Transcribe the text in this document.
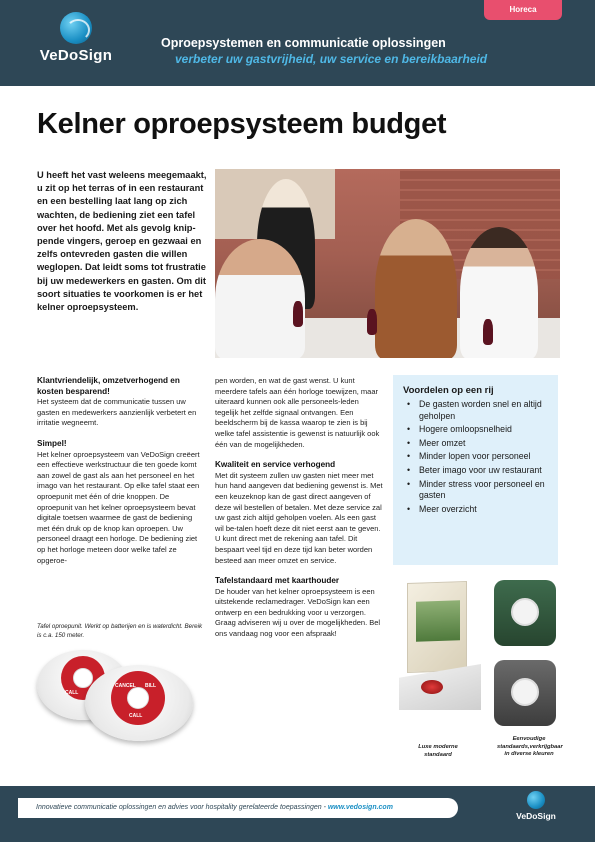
VeDoSign
Oproepsystemen en communicatie oplossingen
verbeter uw gastvrijheid, uw service en bereikbaarheid
Horeca
Kelner oproepsysteem budget
U heeft het vast weleens meegemaakt, u zit op het terras of in een restaurant en een bestelling laat lang op zich wachten, de bediening ziet een tafel over het hoofd. Met als gevolg knip-pende vingers, geroep en gezwaai en zelfs ontevreden gasten die willen weglopen. Dat leidt soms tot frustratie bij uw medewerkers en gasten. Om dit soort situaties te voorkomen is er het kelner oproepsysteem.
Klantvriendelijk, omzetverhogend en kosten besparend!

Het systeem dat de communicatie tussen uw gasten en medewerkers aanzienlijk verbetert en irritatie wegneemt.

Simpel!

Het kelner oproepsysteem van VeDoSign creëert een effectieve werkstructuur die ten goede komt aan zowel de gast als aan het personeel en het imago van het restaurant. Op elke tafel staat een oproepunit met één of drie knoppen. De oproepunit van het kelner oproepsysteem bevat digitale toetsen waarmee de gast de bediening met één druk op de knop kan oproepen. Uw personeel draagt een horloge. De bediening ziet op het horloge meteen door welke tafel ze opgeroe-

Tafel oproepunit. Werkt op batterijen en is waterdicht. Bereik is c.a. 150 meter.
CALL
CANCEL BILL
CALL

pen worden, en wat de gast wenst. U kunt meerdere tafels aan één horloge toewijzen, maar uiteraard kunnen ook alle personeels-leden tegelijk het zelfde signaal ontvangen. Een beeldscherm bij de kassa waarop te zien is bij welke tafel assistentie is gewenst is natuurlijk ook één van de mogelijkheden.

Kwaliteit en service verhogend

Met dit systeem zullen uw gasten niet meer met hun hand aangeven dat bediening gewenst is. Met een keuzeknop kan de gast direct aangeven of deze wil bestellen of betalen. Met deze service zal uw gast zich altijd geholpen voelen. Als een gast wil be-talen hoeft deze dit niet eerst aan te geven. U kunt direct met de rekening aan tafel. Dit bespaart veel tijd en deze tijd kan beter worden besteed aan meer omzet en service.

Tafelstandaard met kaarthouder

De houder van het kelner oproepsysteem is een uitstekende reclamedrager. VeDoSign kan een ontwerp en een bedrukking voor u verzorgen. Graag adviseren wij u over de mogelijkheden. Bel ons vandaag nog voor een afspraak!

Voordelen op een rij
• De gasten worden snel en altijd geholpen
• Hogere omloopsnelheid
• Meer omzet
• Minder lopen voor personeel
• Beter imago voor uw restaurant
• Minder stress voor personeel en gasten
• Meer overzicht
Luxe moderne standaard
Eenvoudige standaards,verkrijgbaar in diverse kleuren
Innovatieve communicatie oplossingen en advies voor hospitality gerelateerde toepassingen - www.vedosign.com
VeDoSign
